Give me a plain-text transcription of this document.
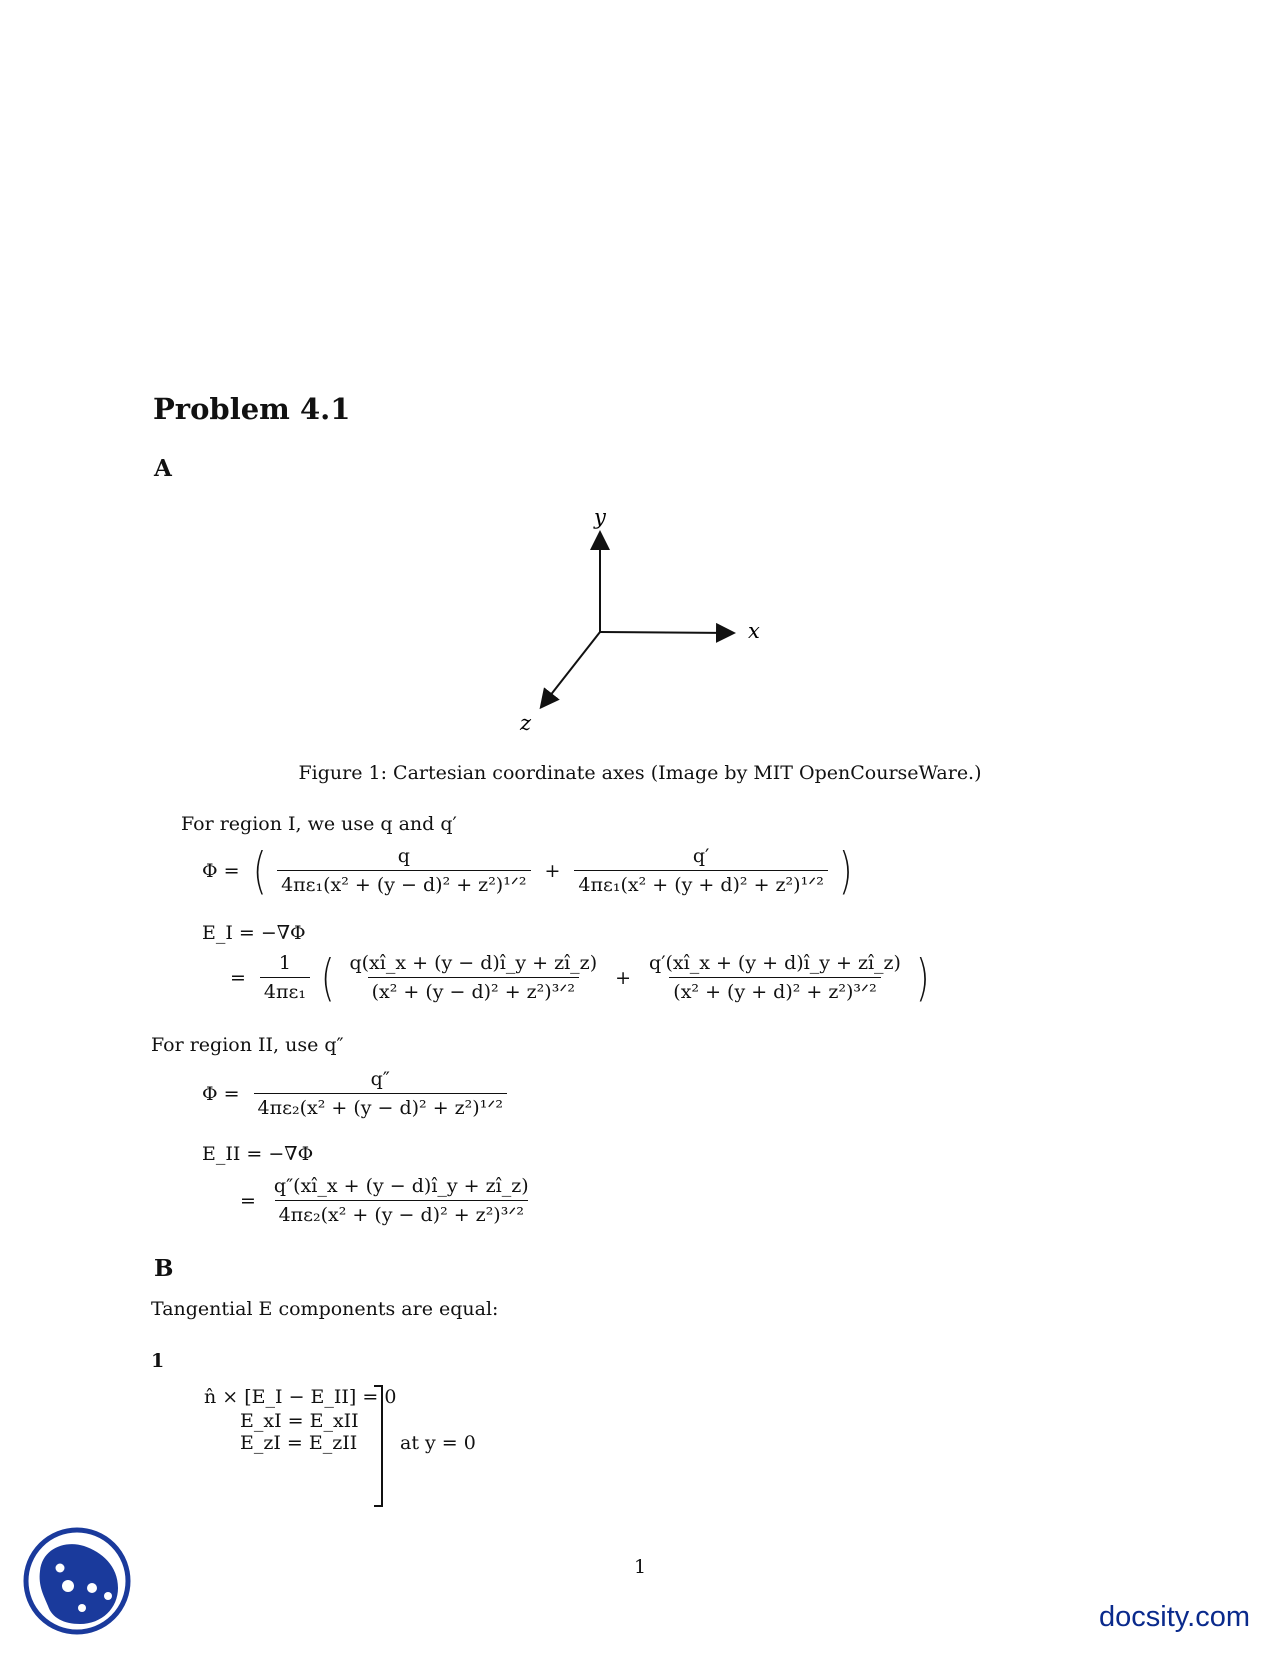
Problem 4.1
A
y
x
z
Figure 1: Cartesian coordinate axes (Image by MIT OpenCourseWare.)
For region I, we use q and q′
Φ = ( $\frac{q}{\text{4πε₁(x² + (y − d)² + z²)¹ᐟ²}} + \frac{q'}{\text{4πε₁(x² + (y + d)² + z²)¹ᐟ²}}$ )
E_I = −∇Φ
= $\frac{1}{\text{4πε₁}}$ ( $\frac{q(xî\_x + (y - d)î\_y + zî\_z)}{\text{(x² + (y − d)² + z²)³ᐟ²}} + \frac{q'(xî\_x + (y + d)î\_y + zî\_z)}{\text{(x² + (y + d)² + z²)³ᐟ²}}$ )
For region II, use q″
$\Phi = \frac{q''}{\text{4πε₂(x² + (y − d)² + z²)¹ᐟ²}}$
E_II = −∇Φ
= $\frac{q''(xî\_x + (y - d)î\_y + zî\_z)}{\text{4πε₂(x² + (y − d)² + z²)³ᐟ²}}$
B
Tangential E components are equal:
1
n̂ × [E_I − E_II] = 0
E_xI = E_xII
E_zI = E_zII at y = 0
1
docsity.com
